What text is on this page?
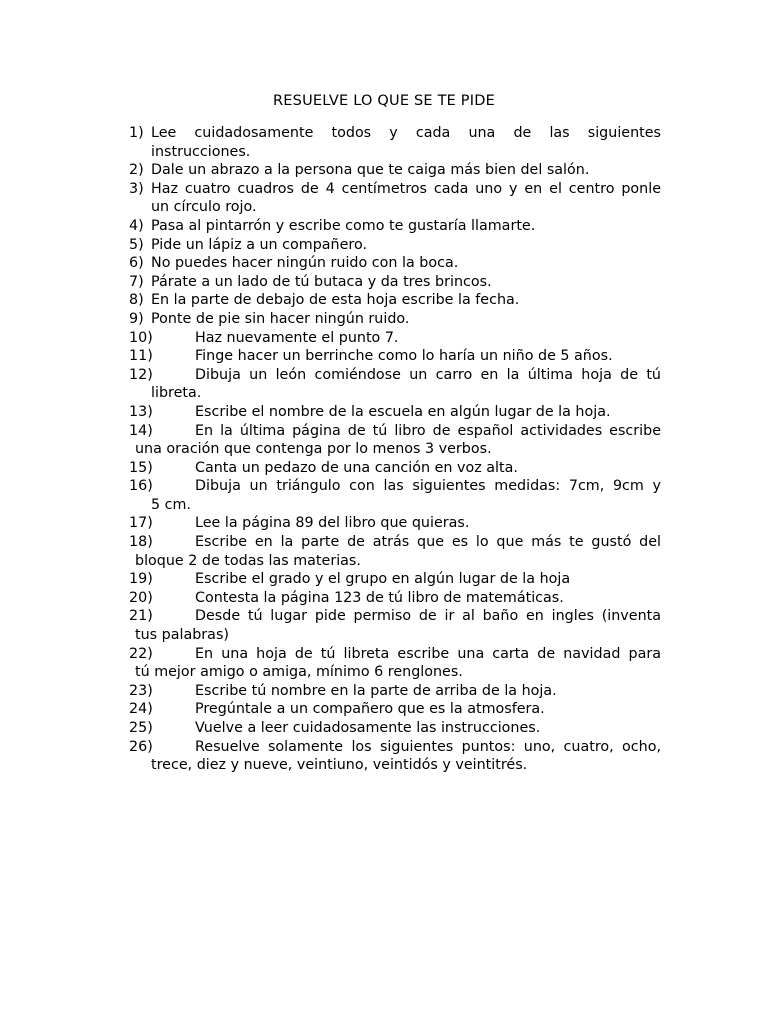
RESUELVE LO QUE SE TE PIDE
1) Lee cuidadosamente todos y cada una de las siguientes
instrucciones.
2) Dale un abrazo a la persona que te caiga más bien del salón.
3) Haz cuatro cuadros de 4 centímetros cada uno y en el centro ponle
un círculo rojo.
4) Pasa al pintarrón y escribe como te gustaría llamarte.
5) Pide un lápiz a un compañero.
6) No puedes hacer ningún ruido con la boca.
7) Párate a un lado de tú butaca y da tres brincos.
8) En la parte de debajo de esta hoja escribe la fecha.
9) Ponte de pie sin hacer ningún ruido.
10)	Haz nuevamente el punto 7.
11)	Finge hacer un berrinche como lo haría un niño de 5 años.
12)	Dibuja un león comiéndose un carro en la última hoja de tú
libreta.
13)	Escribe el nombre de la escuela en algún lugar de la hoja.
14)	En la última página de tú libro de español actividades escribe
una oración que contenga por lo menos 3 verbos.
15)	Canta un pedazo de una canción en voz alta.
16)	Dibuja un triángulo con las siguientes medidas: 7cm, 9cm y
5 cm.
17)	Lee la página 89 del libro que quieras.
18)	Escribe en la parte de atrás que es lo que más te gustó del
bloque 2 de todas las materias.
19)	Escribe el grado y el grupo en algún lugar de la hoja
20)	Contesta la página 123 de tú libro de matemáticas.
21)	Desde tú lugar pide permiso de ir al baño en ingles (inventa
tus palabras)
22)	En una hoja de tú libreta escribe una carta de navidad para
tú mejor amigo o amiga, mínimo 6 renglones.
23)	Escribe tú nombre en la parte de arriba de la hoja.
24)	Pregúntale a un compañero que es la atmosfera.
25)	Vuelve a leer cuidadosamente las instrucciones.
26)	Resuelve solamente los siguientes puntos: uno, cuatro, ocho,
trece, diez y nueve, veintiuno, veintidós y veintitrés.
